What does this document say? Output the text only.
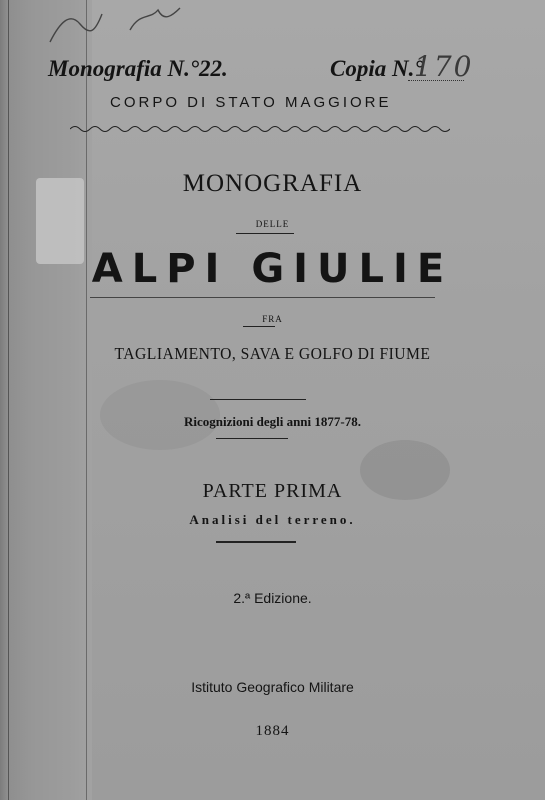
Monografia N.°22.	Copia N.°
170
CORPO DI STATO MAGGIORE
MONOGRAFIA
DELLE
ALPI GIULIE
FRA
TAGLIAMENTO, SAVA E GOLFO DI FIUME
Ricognizioni degli anni 1877-78.
PARTE PRIMA
Analisi del terreno.
2.ª Edizione.
Istituto Geografico Militare
1884
